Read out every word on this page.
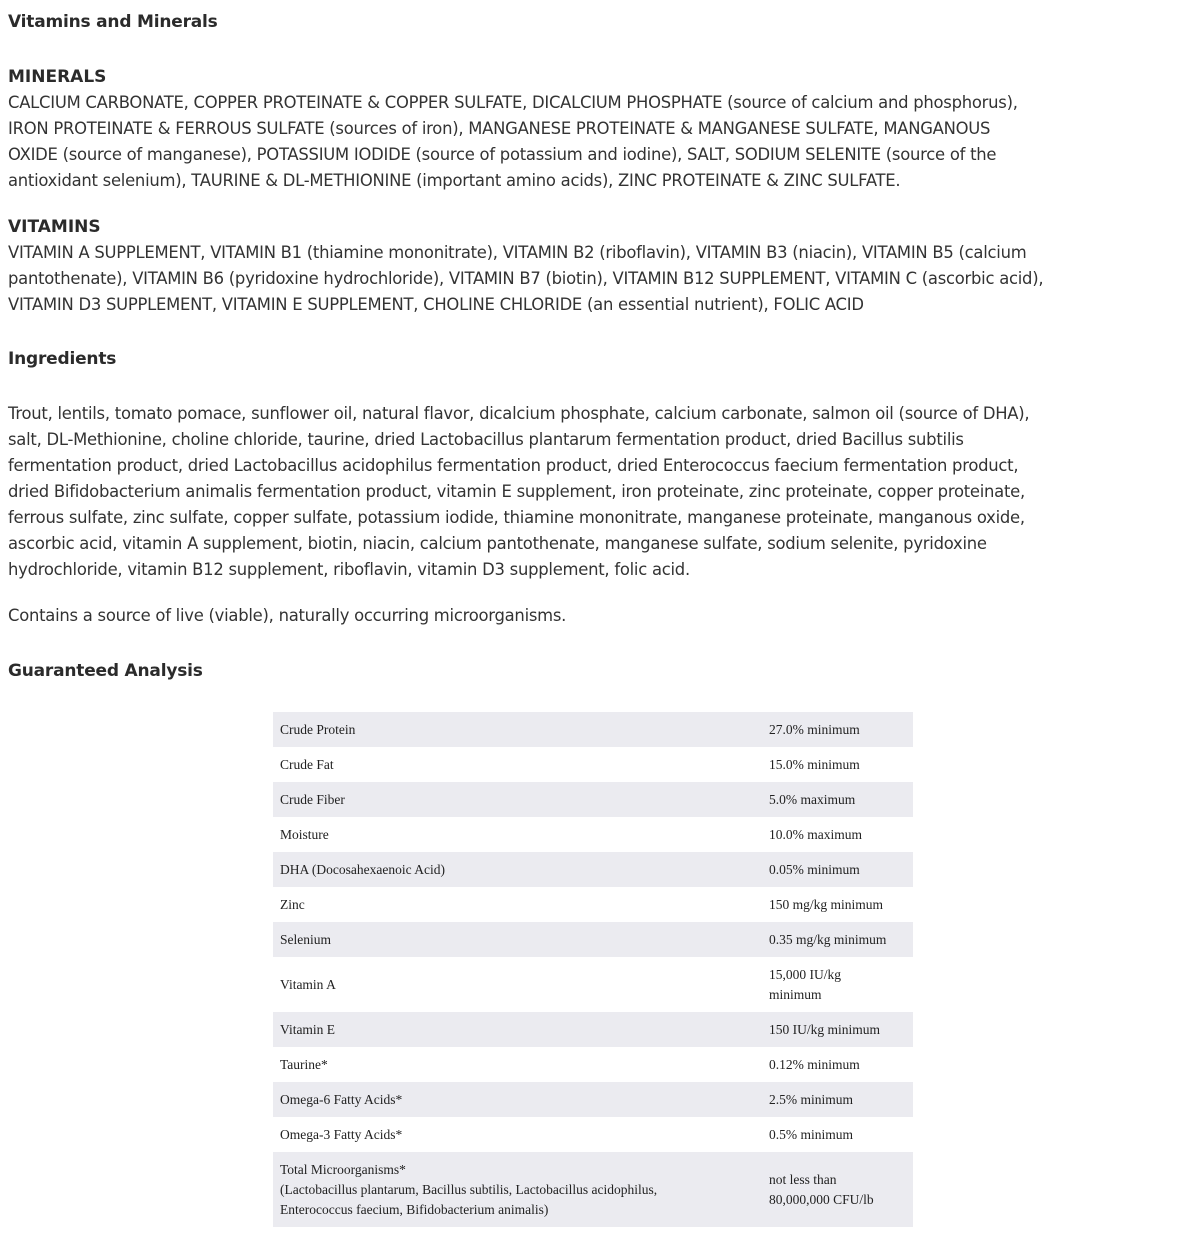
Vitamins and Minerals
MINERALS
CALCIUM CARBONATE, COPPER PROTEINATE & COPPER SULFATE, DICALCIUM PHOSPHATE (source of calcium and phosphorus),
IRON PROTEINATE & FERROUS SULFATE (sources of iron), MANGANESE PROTEINATE & MANGANESE SULFATE, MANGANOUS
OXIDE (source of manganese), POTASSIUM IODIDE (source of potassium and iodine), SALT, SODIUM SELENITE (source of the
antioxidant selenium), TAURINE & DL-METHIONINE (important amino acids), ZINC PROTEINATE & ZINC SULFATE.
VITAMINS
VITAMIN A SUPPLEMENT, VITAMIN B1 (thiamine mononitrate), VITAMIN B2 (riboflavin), VITAMIN B3 (niacin), VITAMIN B5 (calcium
pantothenate), VITAMIN B6 (pyridoxine hydrochloride), VITAMIN B7 (biotin), VITAMIN B12 SUPPLEMENT, VITAMIN C (ascorbic acid),
VITAMIN D3 SUPPLEMENT, VITAMIN E SUPPLEMENT, CHOLINE CHLORIDE (an essential nutrient), FOLIC ACID
Ingredients
Trout, lentils, tomato pomace, sunflower oil, natural flavor, dicalcium phosphate, calcium carbonate, salmon oil (source of DHA),
salt, DL-Methionine, choline chloride, taurine, dried Lactobacillus plantarum fermentation product, dried Bacillus subtilis
fermentation product, dried Lactobacillus acidophilus fermentation product, dried Enterococcus faecium fermentation product,
dried Bifidobacterium animalis fermentation product, vitamin E supplement, iron proteinate, zinc proteinate, copper proteinate,
ferrous sulfate, zinc sulfate, copper sulfate, potassium iodide, thiamine mononitrate, manganese proteinate, manganous oxide,
ascorbic acid, vitamin A supplement, biotin, niacin, calcium pantothenate, manganese sulfate, sodium selenite, pyridoxine
hydrochloride, vitamin B12 supplement, riboflavin, vitamin D3 supplement, folic acid.
Contains a source of live (viable), naturally occurring microorganisms.
Guaranteed Analysis
Crude Protein	27.0% minimum
Crude Fat	15.0% minimum
Crude Fiber	5.0% maximum
Moisture	10.0% maximum
DHA (Docosahexaenoic Acid)	0.05% minimum
Zinc	150 mg/kg minimum
Selenium	0.35 mg/kg minimum
Vitamin A	15,000 IU/kg
minimum

Vitamin E	150 IU/kg minimum
Taurine*	0.12% minimum
Omega-6 Fatty Acids*	2.5% minimum
Omega-3 Fatty Acids*	0.5% minimum

Total Microorganisms*
(Lactobacillus plantarum, Bacillus subtilis, Lactobacillus acidophilus,
Enterococcus faecium, Bifidobacterium animalis)	not less than
80,000,000 CFU/lb
